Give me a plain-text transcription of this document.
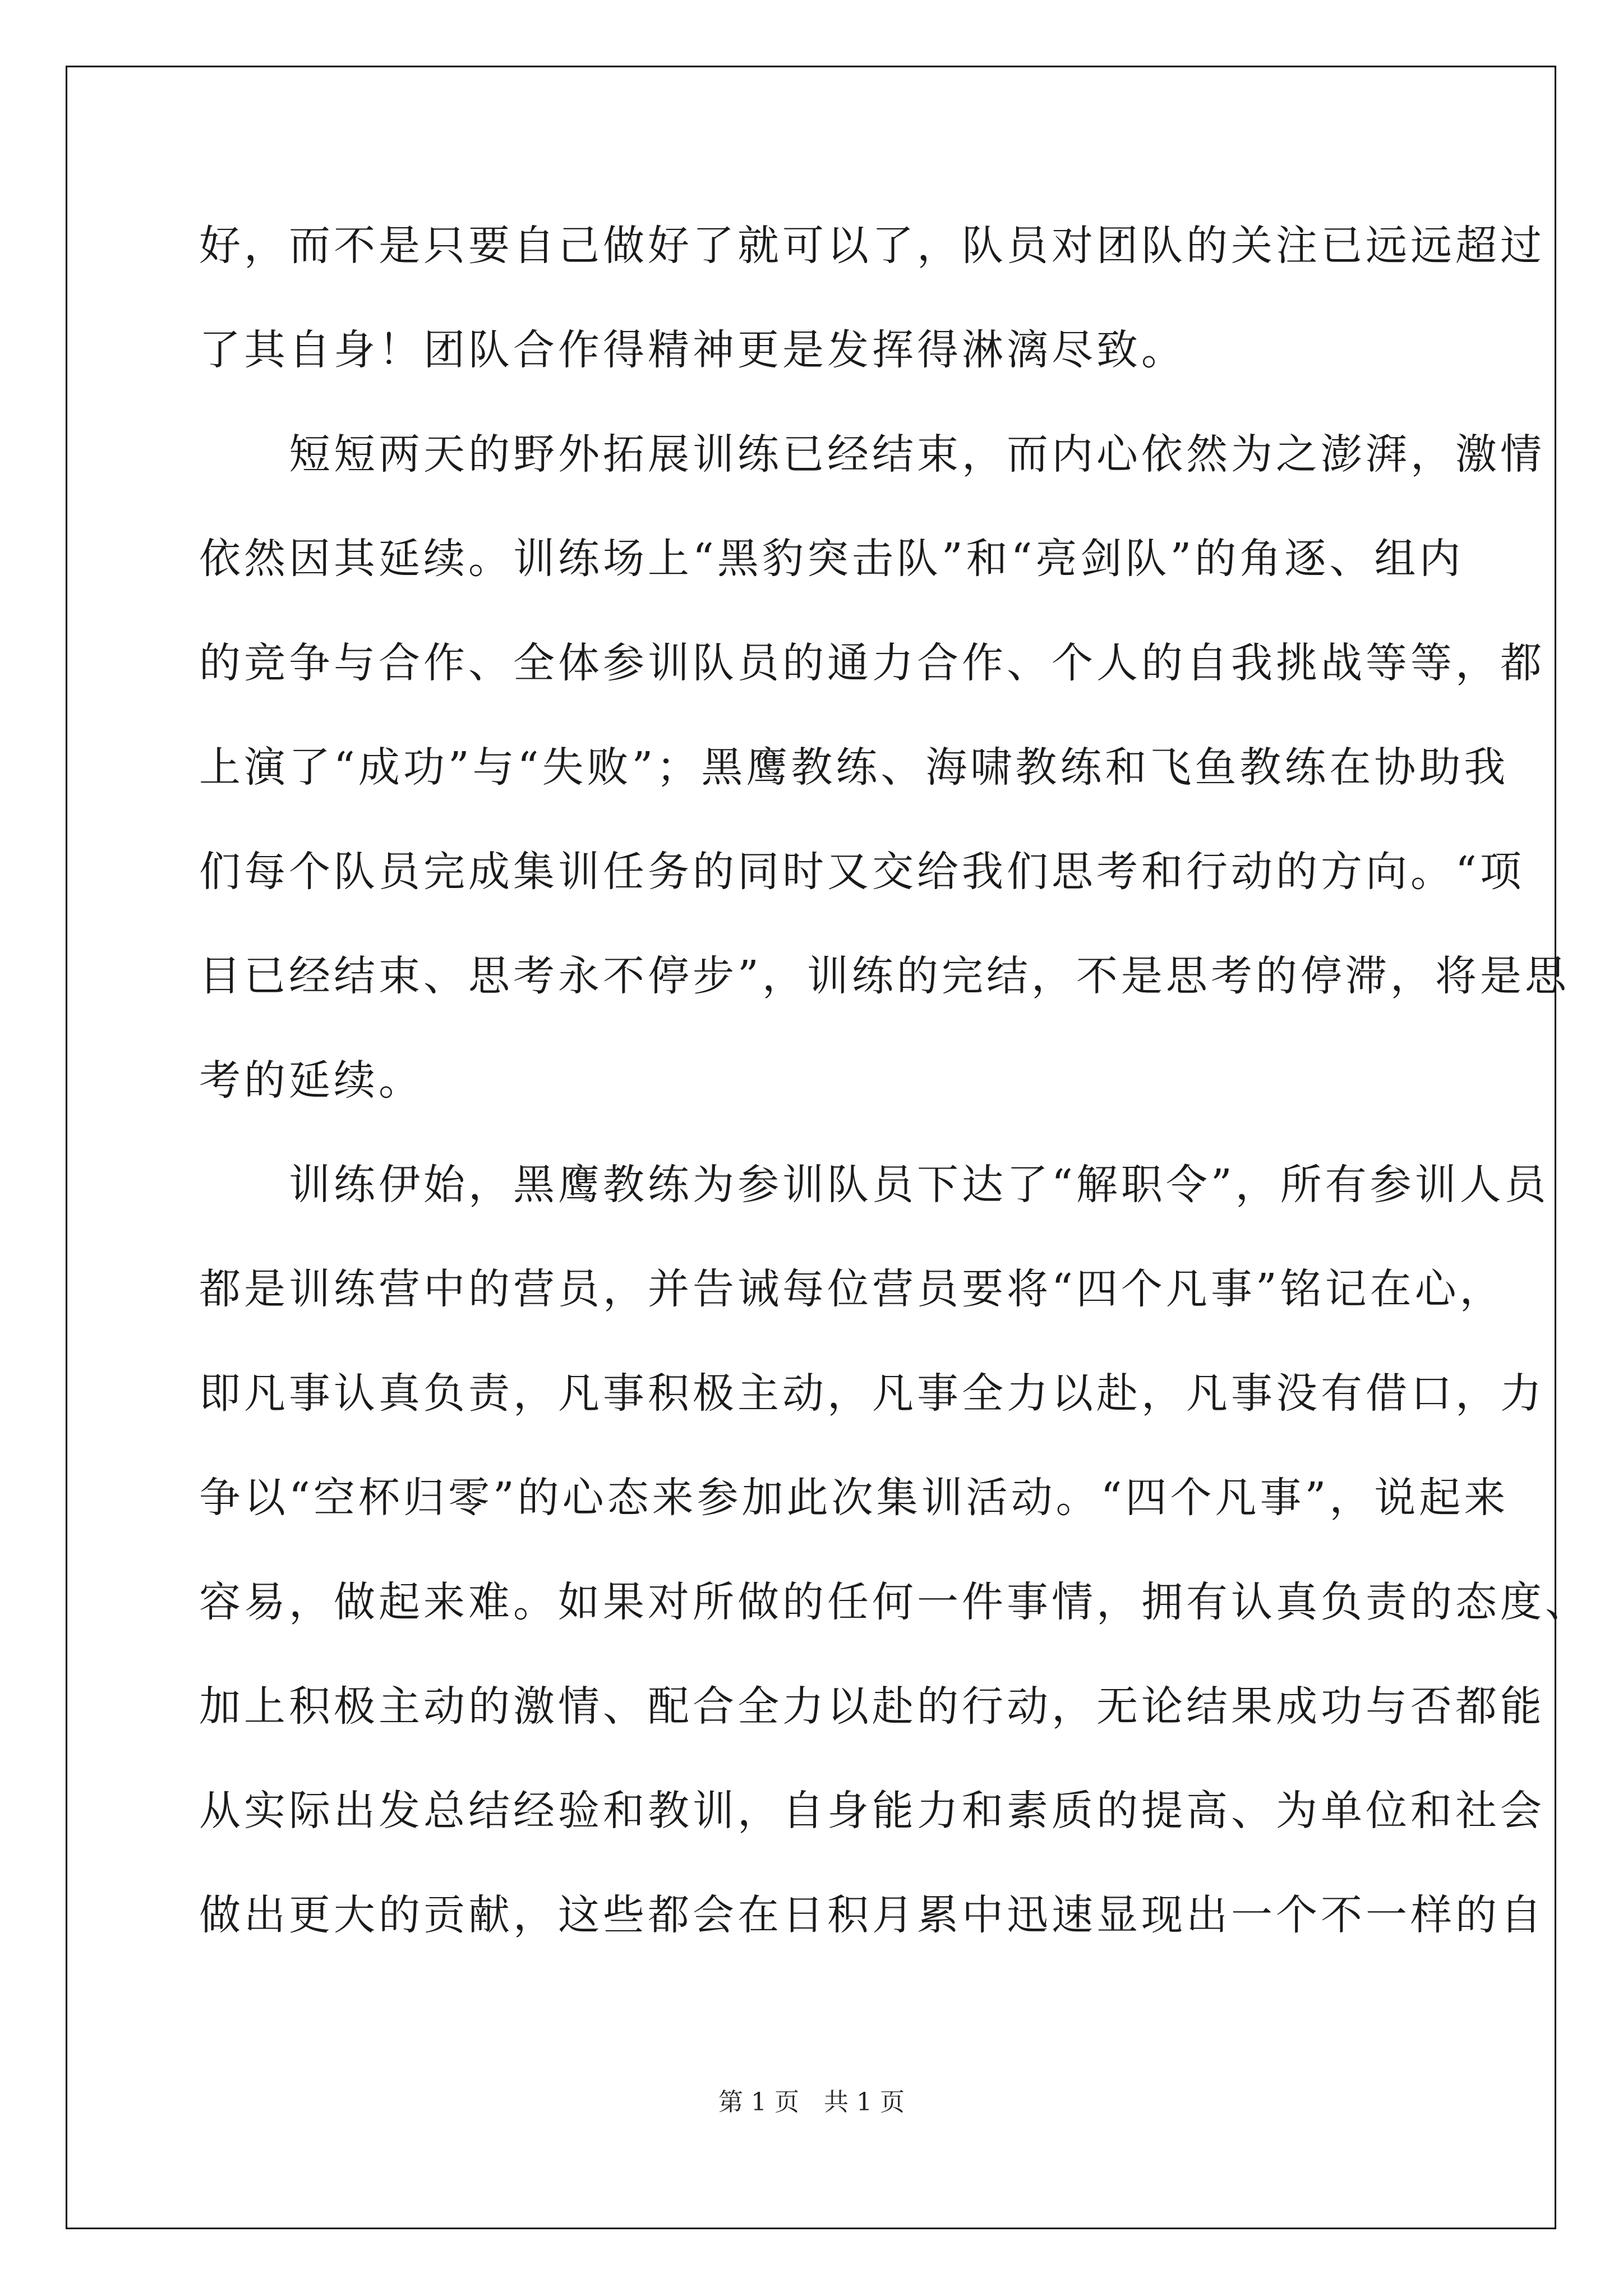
好，而不是只要自己做好了就可以了，队员对团队的关注已远远超过
了其自身！团队合作得精神更是发挥得淋漓尽致。
　　短短两天的野外拓展训练已经结束，而内心依然为之澎湃，激情
依然因其延续。训练场上“黑豹突击队”和“亮剑队”的角逐、组内
的竞争与合作、全体参训队员的通力合作、个人的自我挑战等等，都
上演了“成功”与“失败”；黑鹰教练、海啸教练和飞鱼教练在协助我
们每个队员完成集训任务的同时又交给我们思考和行动的方向。“项
目已经结束、思考永不停步”，训练的完结，不是思考的停滞，将是思
考的延续。
　　训练伊始，黑鹰教练为参训队员下达了“解职令”，所有参训人员
都是训练营中的营员，并告诫每位营员要将“四个凡事”铭记在心，
即凡事认真负责，凡事积极主动，凡事全力以赴，凡事没有借口，力
争以“空杯归零”的心态来参加此次集训活动。“四个凡事”，说起来
容易，做起来难。如果对所做的任何一件事情，拥有认真负责的态度、
加上积极主动的激情、配合全力以赴的行动，无论结果成功与否都能
从实际出发总结经验和教训，自身能力和素质的提高、为单位和社会
做出更大的贡献，这些都会在日积月累中迅速显现出一个不一样的自
第 1 页　共 1 页
